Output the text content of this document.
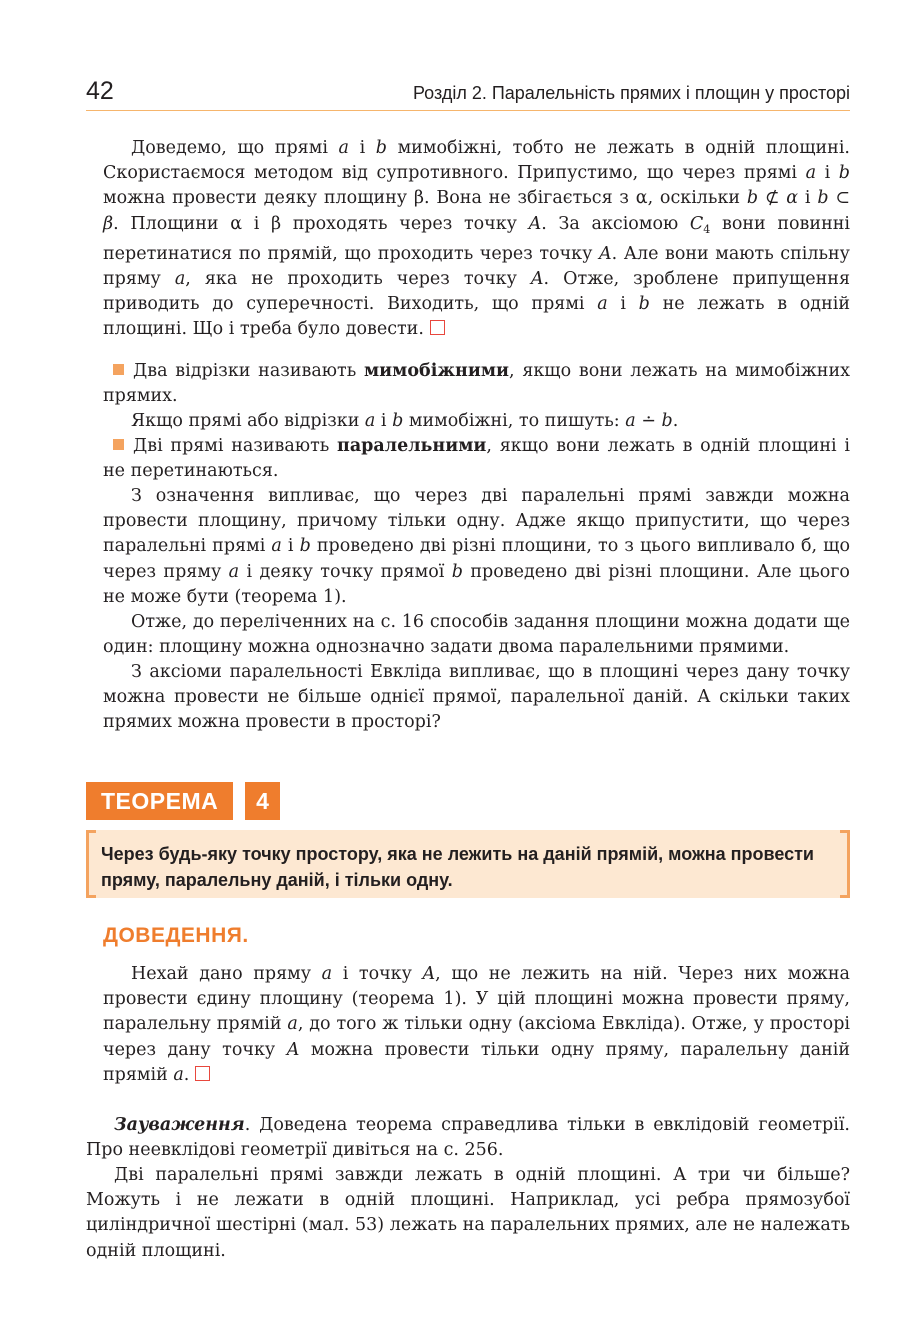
42	Розділ 2. Паралельність прямих і площин у просторі

Доведемо, що прямі a і b мимобіжні, тобто не лежать в одній площині. Скористаємося методом від супротивного. Припустимо, що через прямі a і b можна провести деяку площину β. Вона не збігається з α, оскільки b ⊄ α і b ⊂ β. Площини α і β проходять через точку A. За аксіомою $C_4$ вони повинні перетинатися по прямій, що проходить через точку A. Але вони мають спільну пряму a, яка не проходить через точку A. Отже, зроблене припущення приводить до суперечності. Виходить, що прямі a і b не лежать в одній площині. Що і треба було довести.

Два відрізки називають мимобіжними, якщо вони лежать на мимобіжних прямих.

Якщо прямі або відрізки a і b мимобіжні, то пишуть: a ∸ b.

Дві прямі називають паралельними, якщо вони лежать в одній площині і не перетинаються.

З означення випливає, що через дві паралельні прямі завжди можна провести площину, причому тільки одну. Адже якщо припустити, що через паралельні прямі a і b проведено дві різні площини, то з цього випливало б, що через пряму a і деяку точку прямої b проведено дві різні площини. Але цього не може бути (теорема 1).

Отже, до переліченних на с. 16 способів задання площини можна додати ще один: площину можна однозначно задати двома паралельними прямими.

З аксіоми паралельності Евкліда випливає, що в площині через дану точку можна провести не більше однієї прямої, паралельної даній. А скільки таких прямих можна провести в просторі?

ТЕОРЕМА	4

Через будь-яку точку простору, яка не лежить на даній прямій, можна провести пряму, паралельну даній, і тільки одну.

ДОВЕДЕННЯ.

Нехай дано пряму a і точку A, що не лежить на ній. Через них можна провести єдину площину (теорема 1). У цій площині можна провести пряму, паралельну прямій a, до того ж тільки одну (аксіома Евкліда). Отже, у просторі через дану точку A можна провести тільки одну пряму, паралельну даній прямій a.

Зауваження. Доведена теорема справедлива тільки в евклідовій геометрії. Про неевклідові геометрії дивіться на с. 256.

Дві паралельні прямі завжди лежать в одній площині. А три чи більше? Можуть і не лежати в одній площині. Наприклад, усі ребра прямозубої циліндричної шестірні (мал. 53) лежать на паралельних прямих, але не належать одній площині.
